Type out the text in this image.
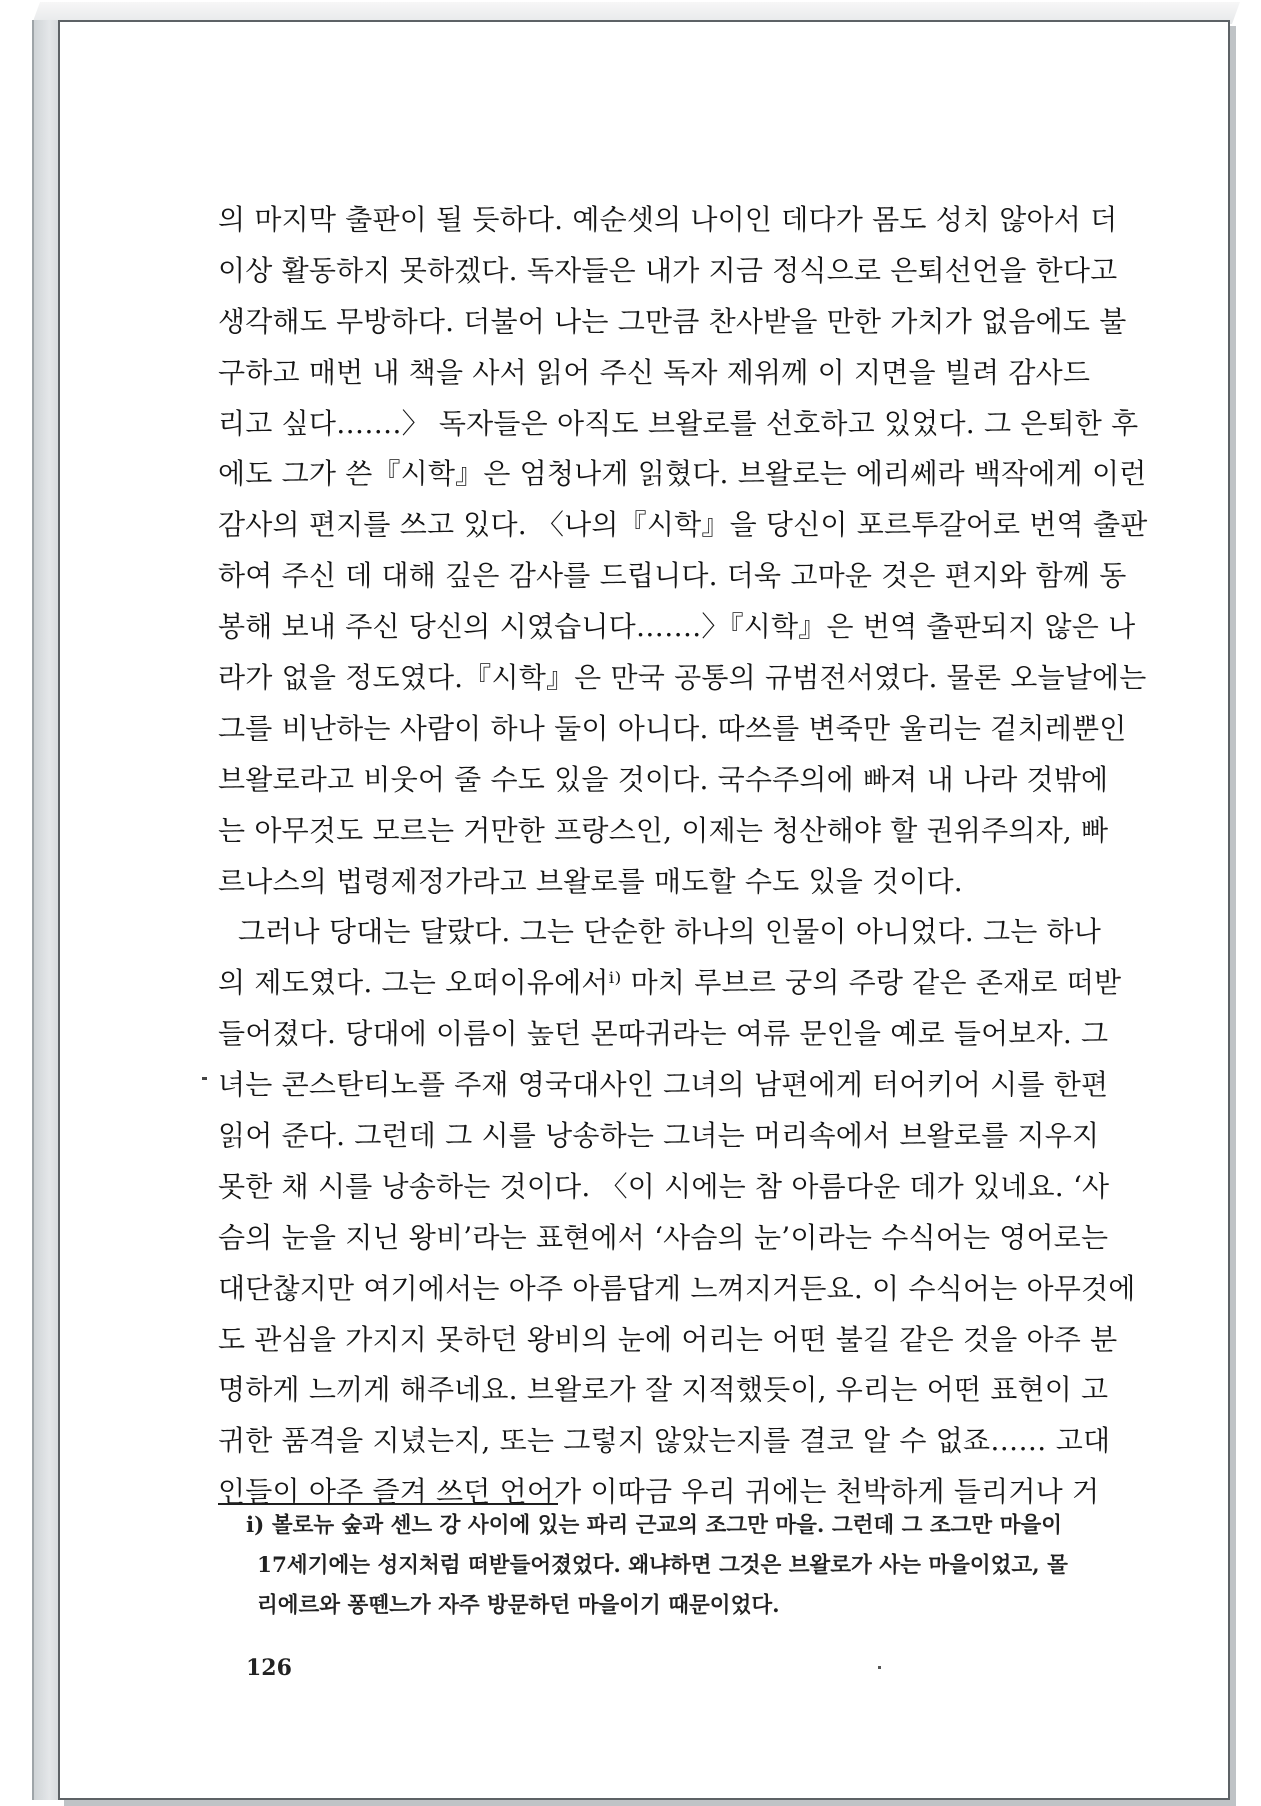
의 마지막 출판이 될 듯하다. 예순셋의 나이인 데다가 몸도 성치 않아서 더
이상 활동하지 못하겠다. 독자들은 내가 지금 정식으로 은퇴선언을 한다고
생각해도 무방하다. 더불어 나는 그만큼 찬사받을 만한 가치가 없음에도 불
구하고 매번 내 책을 사서 읽어 주신 독자 제위께 이 지면을 빌려 감사드
리고 싶다…….〉 독자들은 아직도 브왈로를 선호하고 있었다. 그 은퇴한 후
에도 그가 쓴『시학』은 엄청나게 읽혔다. 브왈로는 에리쎄라 백작에게 이런
감사의 편지를 쓰고 있다. 〈나의『시학』을 당신이 포르투갈어로 번역 출판
하여 주신 데 대해 깊은 감사를 드립니다. 더욱 고마운 것은 편지와 함께 동
봉해 보내 주신 당신의 시였습니다…….〉『시학』은 번역 출판되지 않은 나
라가 없을 정도였다.『시학』은 만국 공통의 규범전서였다. 물론 오늘날에는
그를 비난하는 사람이 하나 둘이 아니다. 따쓰를 변죽만 울리는 겉치레뿐인
브왈로라고 비웃어 줄 수도 있을 것이다. 국수주의에 빠져 내 나라 것밖에
는 아무것도 모르는 거만한 프랑스인, 이제는 청산해야 할 권위주의자, 빠
르나스의 법령제정가라고 브왈로를 매도할 수도 있을 것이다.
그러나 당대는 달랐다. 그는 단순한 하나의 인물이 아니었다. 그는 하나
의 제도였다. 그는 오떠이유에서ⁱ⁾ 마치 루브르 궁의 주랑 같은 존재로 떠받
들어졌다. 당대에 이름이 높던 몬따귀라는 여류 문인을 예로 들어보자. 그
녀는 콘스탄티노플 주재 영국대사인 그녀의 남편에게 터어키어 시를 한편
읽어 준다. 그런데 그 시를 낭송하는 그녀는 머리속에서 브왈로를 지우지
못한 채 시를 낭송하는 것이다. 〈이 시에는 참 아름다운 데가 있네요. ‘사
슴의 눈을 지닌 왕비’라는 표현에서 ‘사슴의 눈’이라는 수식어는 영어로는
대단찮지만 여기에서는 아주 아름답게 느껴지거든요. 이 수식어는 아무것에
도 관심을 가지지 못하던 왕비의 눈에 어리는 어떤 불길 같은 것을 아주 분
명하게 느끼게 해주네요. 브왈로가 잘 지적했듯이, 우리는 어떤 표현이 고
귀한 품격을 지녔는지, 또는 그렇지 않았는지를 결코 알 수 없죠…… 고대
인들이 아주 즐겨 쓰던 언어가 이따금 우리 귀에는 천박하게 들리거나 거
i) 볼로뉴 숲과 센느 강 사이에 있는 파리 근교의 조그만 마을. 그런데 그 조그만 마을이
17세기에는 성지처럼 떠받들어졌었다. 왜냐하면 그것은 브왈로가 사는 마을이었고, 몰
리에르와 퐁뗀느가 자주 방문하던 마을이기 때문이었다.
126
